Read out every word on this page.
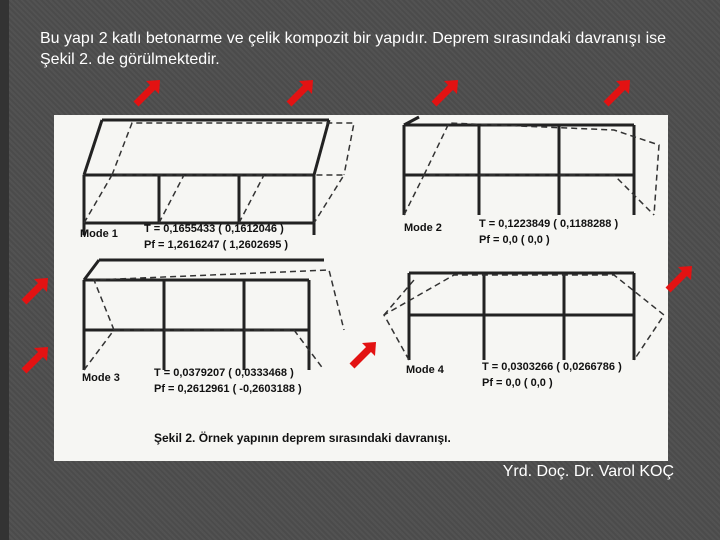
Bu yapı 2 katlı betonarme ve çelik kompozit bir yapıdır. Deprem sırasındaki davranışı ise Şekil 2. de görülmektedir.
Mode 1 T = 0,1655433 ( 0,1612046 )
Pf = 1,2616247 ( 1,2602695 )
Mode 2	T = 0,1223849 ( 0,1188288 )
Pf = 0,0 ( 0,0 )
Mode 3	T = 0,0379207 ( 0,0333468 )
Pf = 0,2612961 ( -0,2603188 )
Mode 4	T = 0,0303266 ( 0,0266786 )
Pf = 0,0 ( 0,0 )
Şekil 2. Örnek yapının deprem sırasındaki davranışı.
Yrd. Doç. Dr. Varol KOÇ
